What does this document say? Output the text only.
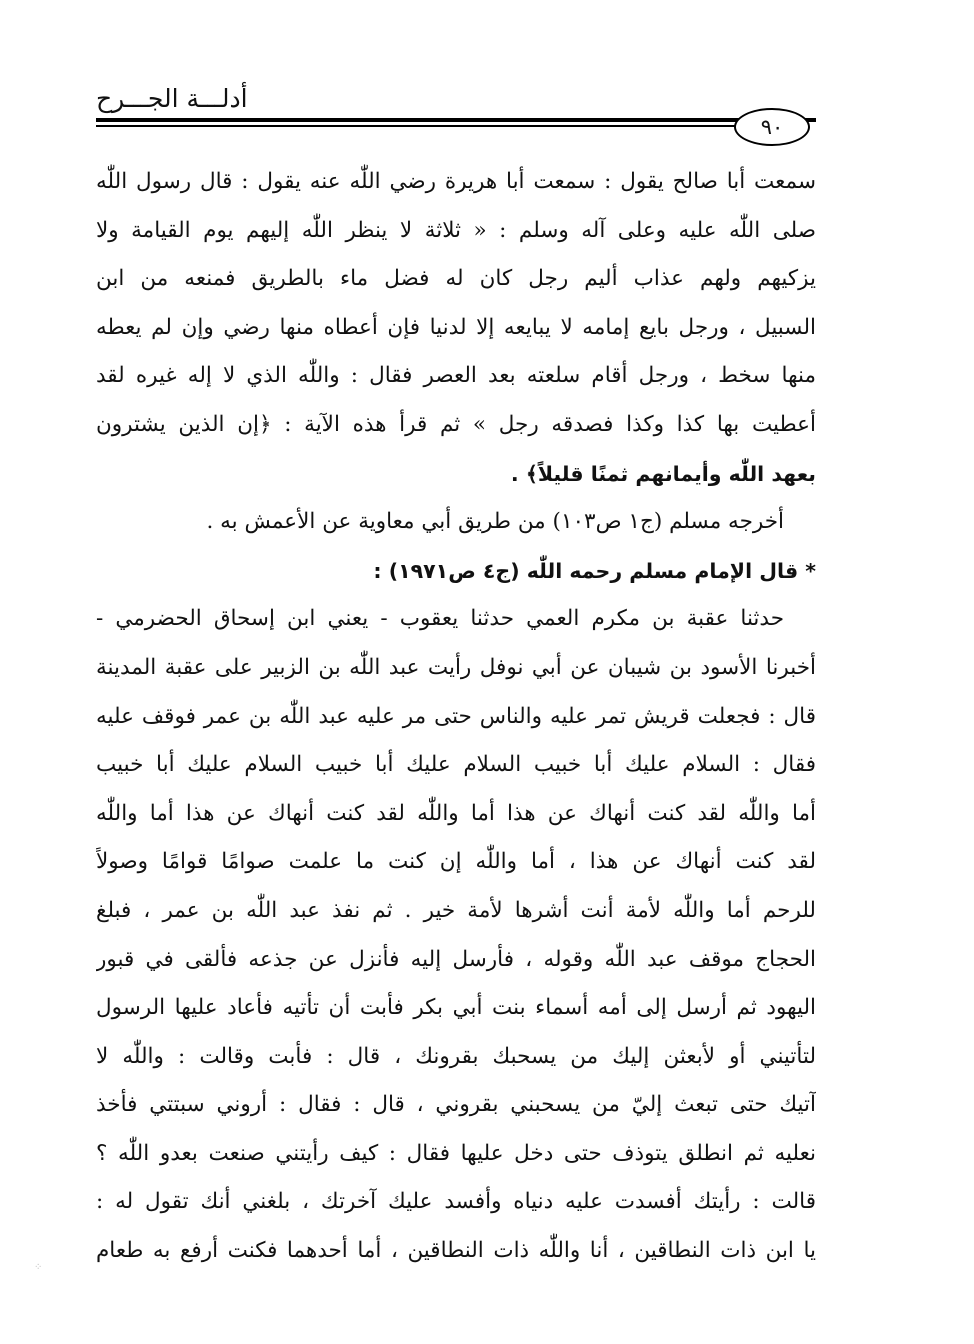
أدلـــة الجـــرح
٩٠
سمعت أبا صالح يقول : سمعت أبا هريرة رضي اللّٰه عنه يقول : قال رسول اللّٰه
صلى اللّٰه عليه وعلى آله وسلم : « ثلاثة لا ينظر اللّٰه إليهم يوم القيامة ولا
يزكيهم ولهم عذاب أليم رجل كان له فضل ماء بالطريق فمنعه من ابن
السبيل ، ورجل بايع إمامه لا يبايعه إلا لدنيا فإن أعطاه منها رضي وإن لم يعطه
منها سخط ، ورجل أقام سلعته بعد العصر فقال : واللّٰه الذي لا إله غيره لقد
أعطيت بها كذا وكذا فصدقه رجل » ثم قرأ هذه الآية : ﴿إن الذين يشترون
بعهد اللّٰه وأيمانهم ثمنًا قليلاً﴾ .
أخرجه مسلم (ج١ ص١٠٣) من طريق أبي معاوية عن الأعمش به .
* قال الإمام مسلم رحمه اللّٰه (ج٤ ص١٩٧١) :
حدثنا عقبة بن مكرم العمي حدثنا يعقوب - يعني ابن إسحاق الحضرمي -
أخبرنا الأسود بن شيبان عن أبي نوفل رأيت عبد اللّٰه بن الزبير على عقبة المدينة
قال : فجعلت قريش تمر عليه والناس حتى مر عليه عبد اللّٰه بن عمر فوقف عليه
فقال : السلام عليك أبا خبيب السلام عليك أبا خبيب السلام عليك أبا خبيب
أما واللّٰه لقد كنت أنهاك عن هذا أما واللّٰه لقد كنت أنهاك عن هذا أما واللّٰه
لقد كنت أنهاك عن هذا ، أما واللّٰه إن كنت ما علمت صوامًا قوامًا وصولاً
للرحم أما واللّٰه لأمة أنت أشرها لأمة خير . ثم نفذ عبد اللّٰه بن عمر ، فبلغ
الحجاج موقف عبد اللّٰه وقوله ، فأرسل إليه فأنزل عن جذعه فألقى في قبور
اليهود ثم أرسل إلى أمه أسماء بنت أبي بكر فأبت أن تأتيه فأعاد عليها الرسول
لتأتيني أو لأبعثن إليك من يسحبك بقرونك ، قال : فأبت وقالت : واللّٰه لا
آتيك حتى تبعث إليّ من يسحبني بقروني ، قال : فقال : أروني سبتتي فأخذ
نعليه ثم انطلق يتوذف حتى دخل عليها فقال : كيف رأيتني صنعت بعدو اللّٰه ؟
قالت : رأيتك أفسدت عليه دنياه وأفسد عليك آخرتك ، بلغني أنك تقول له :
يا ابن ذات النطاقين ، أنا واللّٰه ذات النطاقين ، أما أحدهما فكنت أرفع به طعام
⁘
